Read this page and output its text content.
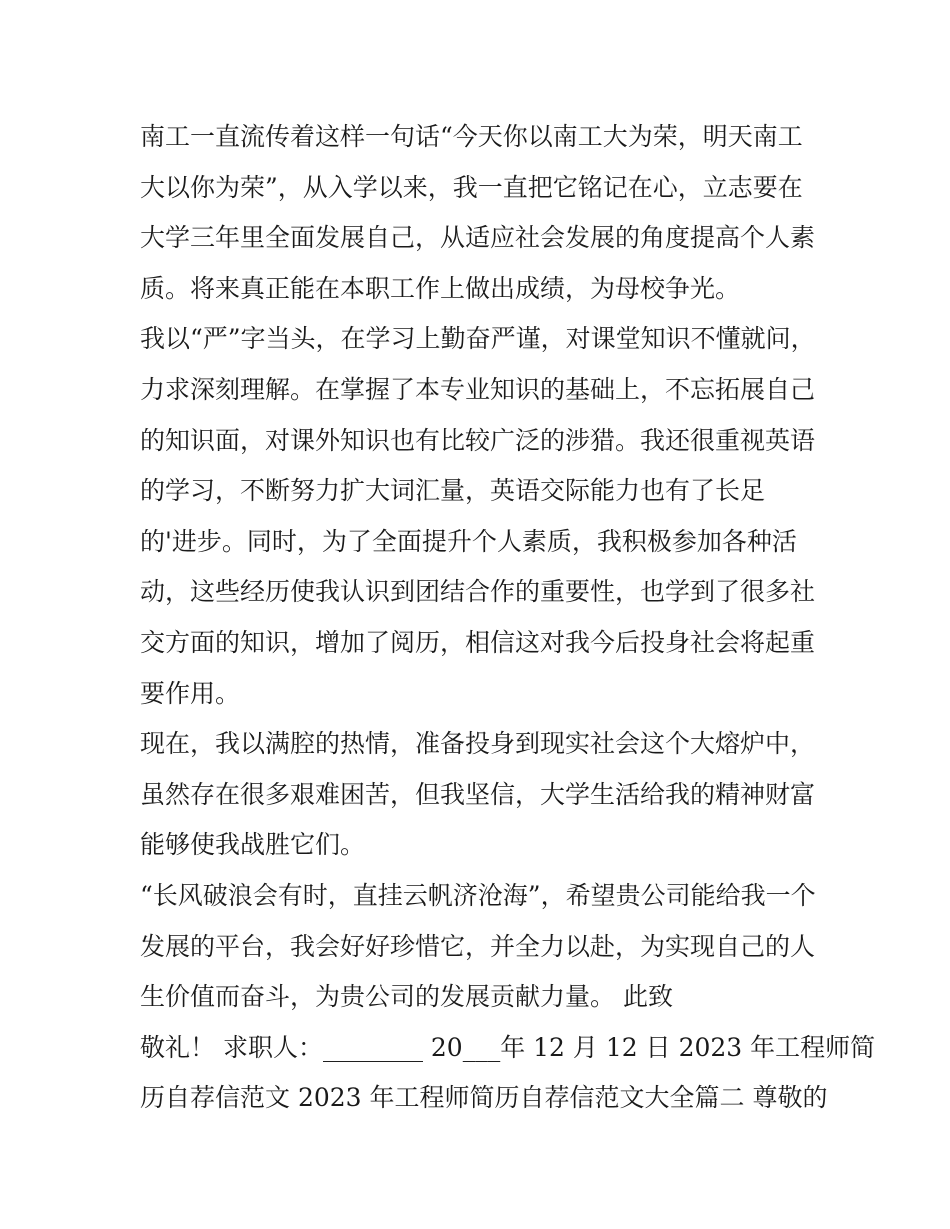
南工一直流传着这样一句话“今天你以南工大为荣，明天南工
大以你为荣”，从入学以来，我一直把它铭记在心，立志要在
大学三年里全面发展自己，从适应社会发展的角度提高个人素
质。将来真正能在本职工作上做出成绩，为母校争光。
我以“严”字当头，在学习上勤奋严谨，对课堂知识不懂就问，
力求深刻理解。在掌握了本专业知识的基础上，不忘拓展自己
的知识面，对课外知识也有比较广泛的涉猎。我还很重视英语
的学习，不断努力扩大词汇量，英语交际能力也有了长足
的'进步。同时，为了全面提升个人素质，我积极参加各种活
动，这些经历使我认识到团结合作的重要性，也学到了很多社
交方面的知识，增加了阅历，相信这对我今后投身社会将起重
要作用。
现在，我以满腔的热情，准备投身到现实社会这个大熔炉中，
虽然存在很多艰难困苦，但我坚信，大学生活给我的精神财富
能够使我战胜它们。
“长风破浪会有时，直挂云帆济沧海”，希望贵公司能给我一个
发展的平台，我会好好珍惜它，并全力以赴，为实现自己的人
生价值而奋斗，为贵公司的发展贡献力量。 此致
敬礼！ 求职人：________ 20___年 12 月 12 日 2023 年工程师简
历自荐信范文 2023 年工程师简历自荐信范文大全篇二 尊敬的
